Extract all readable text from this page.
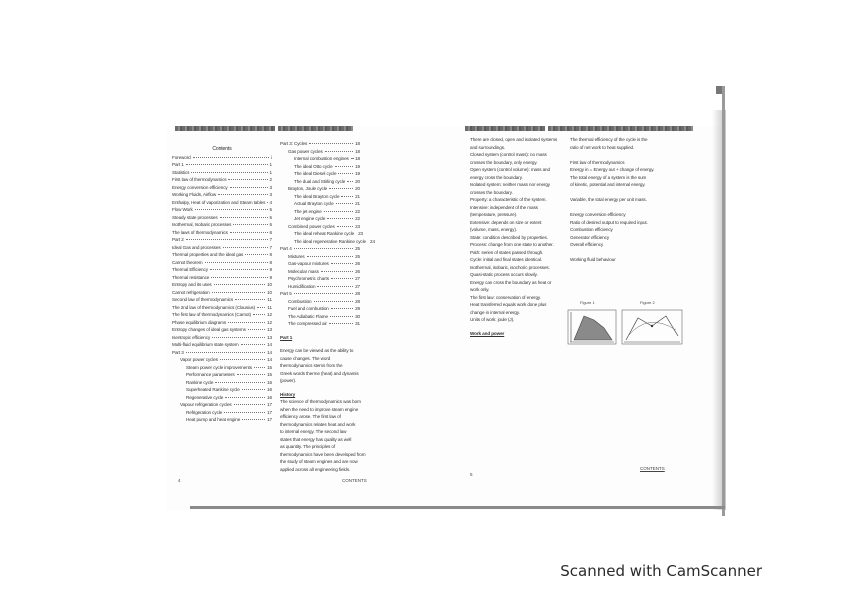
Contents
Foreword	i
Part 1	1
Statistics	1
First law of thermodynamics	2
Energy conversion efficiency	3
Working Fluids, Airflow	3
Enthalpy, Heat of vaporization and Steam tables 4
Flow Work	5
Steady state processes	5
Isothermal, Isobaric processes	6
The laws of thermodynamics	6
Part 2	7
Ideal Gas and processes	7
Thermal properties and the ideal gas	8
Carnot theorem	8
Thermal Efficiency	9
Thermal resistance	9
Entropy and its uses	10
Carnot refrigeration	10
Second law of thermodynamics	11
The 2nd law of thermodynamics (Clausius)	11
The first law of thermodynamics (Carnot)	12
Phase equilibrium diagrams	12
Entropy changes of ideal gas systems	13
Isentropic efficiency	13
Multi-fluid equilibrium state system	14
Part 3	14
Vapor power cycles	14
Steam power cycle improvements	15
Performance parameters	15
Rankine cycle	16
Superheated Rankine cycle	16
Regenerative cycle	16
Vapour refrigeration cycles	17
Refrigeration cycle	17
Heat pump and heat engine	17
4	CONTENTS
Part 3: Cycles	18
Gas power cycles	18
Internal combustion engines 18
The ideal Otto cycle	19
The ideal Diesel cycle	19
The dual and Stirling cycle 20
Brayton, Joule cycle	20
The ideal Brayton cycle	21
Actual Brayton cycle	21
The jet engine	22
Jet engine cycle	22
Combined power cycles	23
The ideal reheat Rankine cycle 23
The ideal regenerative Rankine cycle 24
Part 4	25
Mixtures	25
Gas-vapour mixtures	26
Molecular mass	26
Psychrometric charts	27
Humidification	27
Part 5	28
Combustion	28
Fuel and combustion	29
The Adiabatic Flame	30
The compressed air	31
Part 1
Energy can be viewed as the ability to
cause changes. The word
thermodynamics stems from the
Greek words therme (heat) and dynamis
(power).
History
The science of thermodynamics was born
when the need to improve steam engine
efficiency arose. The first law of
thermodynamics relates heat and work
to internal energy. The second law
states that energy has quality as well
as quantity. The principles of
thermodynamics have been developed from
the study of steam engines and are now
applied across all engineering fields.
There are closed, open and isolated systems
and surroundings.
Closed system (control mass): no mass
crosses the boundary, only energy.
Open system (control volume): mass and
energy cross the boundary.
Isolated system: neither mass nor energy
crosses the boundary.
Property: a characteristic of the system.
Intensive: independent of the mass
(temperature, pressure).
Extensive: depends on size or extent
(volume, mass, energy).
State: condition described by properties.
Process: change from one state to another.
Path: series of states passed through.
Cycle: initial and final states identical.
Isothermal, isobaric, isochoric processes.
Quasi-static process occurs slowly.
Energy can cross the boundary as heat or
work only.
The first law: conservation of energy.
Heat transferred equals work done plus
change in internal energy.
Units of work: joule (J).
Work and power
5
CONTENTS
The thermal efficiency of the cycle is the
ratio of net work to heat supplied.
First law of thermodynamics
Energy in = Energy out + change of energy.
The total energy of a system is the sum
of kinetic, potential and internal energy.
Variable, the total energy per unit mass.
Energy conversion efficiency
Ratio of desired output to required input.
Combustion efficiency
Generator efficiency
Overall efficiency
Working fluid behaviour
Scanned with CamScanner
Figure 1	Figure 2
